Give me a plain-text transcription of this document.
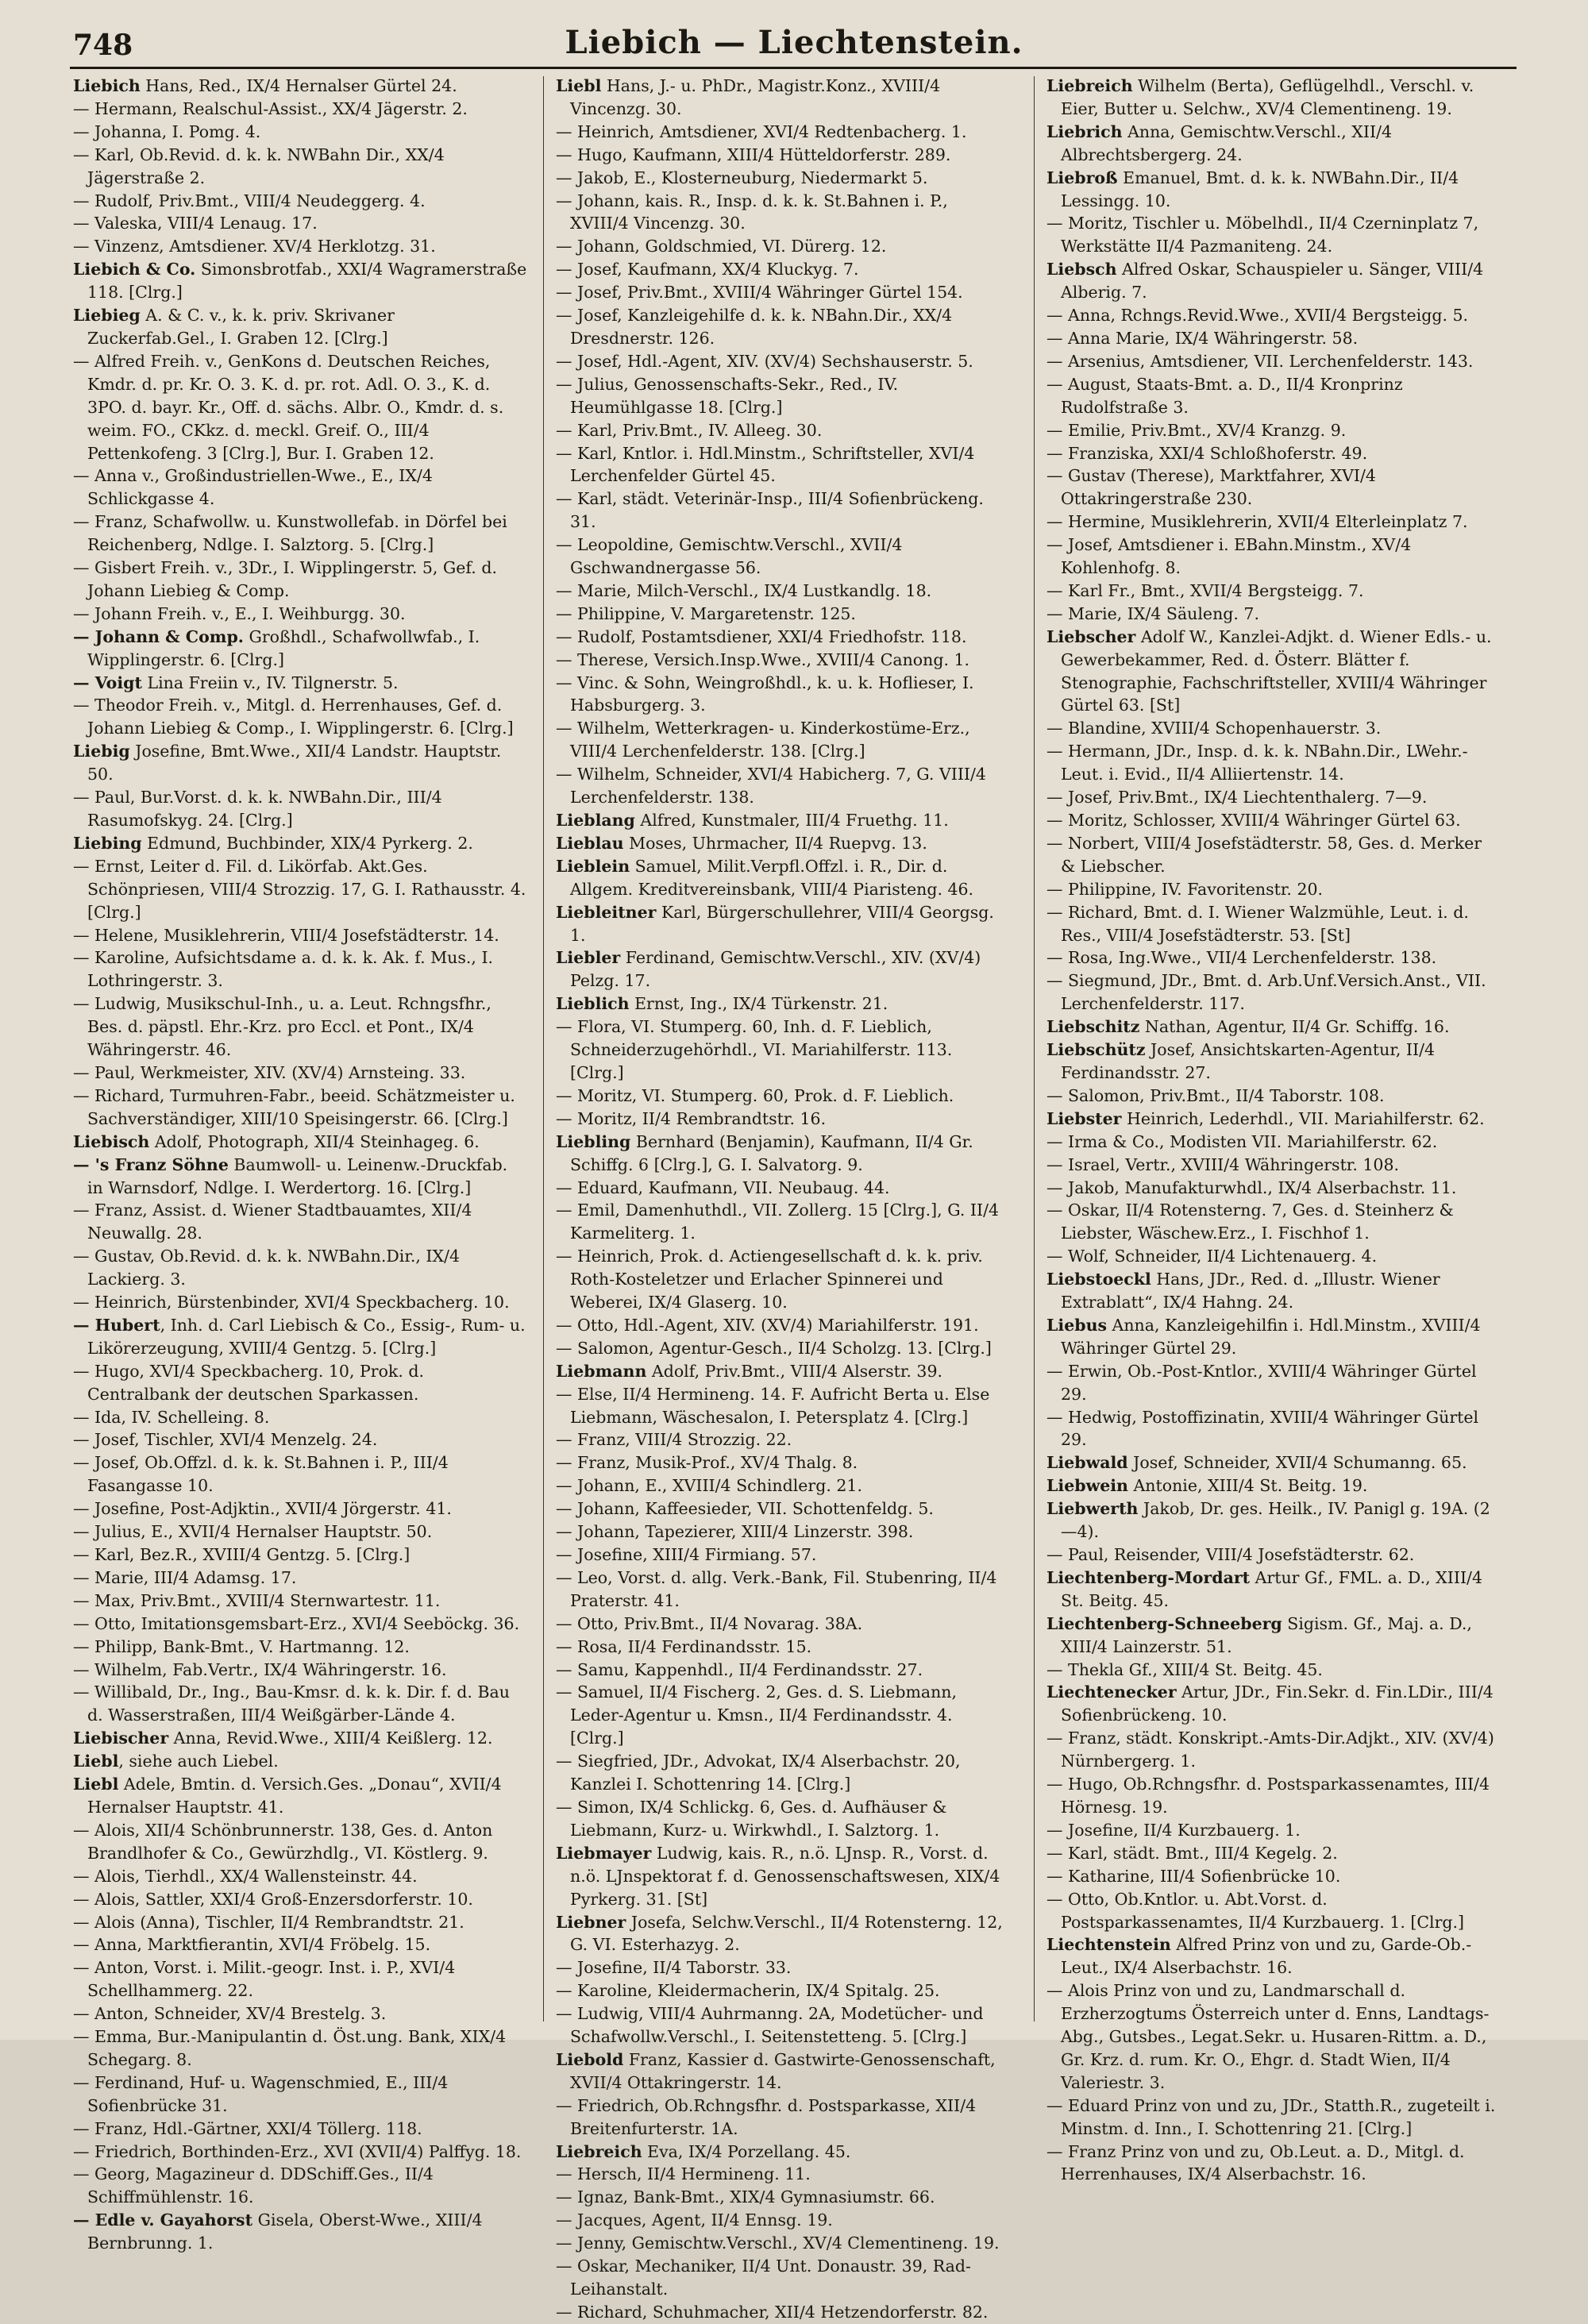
748	Liebich — Liechtenstein.
Liebich Hans, Red., IX/4 Hernalser Gürtel 24.
— Hermann, Realschul-Assist., XX/4 Jägerstr. 2.
— Johanna, I. Pomg. 4.
— Karl, Ob.Revid. d. k. k. NWBahn Dir., XX/4 Jägerstraße 2.
— Rudolf, Priv.Bmt., VIII/4 Neudeggerg. 4.
— Valeska, VIII/4 Lenaug. 17.
— Vinzenz, Amtsdiener. XV/4 Herklotzg. 31.
Liebich & Co. Simonsbrotfab., XXI/4 Wagramerstraße 118. [Clrg.]
Liebieg A. & C. v., k. k. priv. Skrivaner Zuckerfab.Gel., I. Graben 12. [Clrg.]
— Alfred Freih. v., GenKons d. Deutschen Reiches, Kmdr. d. pr. Kr. O. 3. K. d. pr. rot. Adl. O. 3., K. d. 3PO. d. bayr. Kr., Off. d. sächs. Albr. O., Kmdr. d. s. weim. FO., CKkz. d. meckl. Greif. O., III/4 Pettenkofeng. 3 [Clrg.], Bur. I. Graben 12.
— Anna v., Großindustriellen-Wwe., E., IX/4 Schlickgasse 4.
— Franz, Schafwollw. u. Kunstwollefab. in Dörfel bei Reichenberg, Ndlge. I. Salztorg. 5. [Clrg.]
— Gisbert Freih. v., 3Dr., I. Wipplingerstr. 5, Gef. d. Johann Liebieg & Comp.
— Johann Freih. v., E., I. Weihburgg. 30.
— Johann & Comp. Großhdl., Schafwollwfab., I. Wipplingerstr. 6. [Clrg.]
— Voigt Lina Freiin v., IV. Tilgnerstr. 5.
— Theodor Freih. v., Mitgl. d. Herrenhauses, Gef. d. Johann Liebieg & Comp., I. Wipplingerstr. 6. [Clrg.]
Liebig Josefine, Bmt.Wwe., XII/4 Landstr. Hauptstr. 50.
— Paul, Bur.Vorst. d. k. k. NWBahn.Dir., III/4 Rasumofskyg. 24. [Clrg.]
Liebing Edmund, Buchbinder, XIX/4 Pyrkerg. 2.
— Ernst, Leiter d. Fil. d. Likörfab. Akt.Ges. Schönpriesen, VIII/4 Strozzig. 17, G. I. Rathausstr. 4. [Clrg.]
— Helene, Musiklehrerin, VIII/4 Josefstädterstr. 14.
— Karoline, Aufsichtsdame a. d. k. k. Ak. f. Mus., I. Lothringerstr. 3.
— Ludwig, Musikschul-Inh., u. a. Leut. Rchngsfhr., Bes. d. päpstl. Ehr.-Krz. pro Eccl. et Pont., IX/4 Währingerstr. 46.
— Paul, Werkmeister, XIV. (XV/4) Arnsteing. 33.
— Richard, Turmuhren-Fabr., beeid. Schätzmeister u. Sachverständiger, XIII/10 Speisingerstr. 66. [Clrg.]
Liebisch Adolf, Photograph, XII/4 Steinhageg. 6.
— 's Franz Söhne Baumwoll- u. Leinenw.-Druckfab. in Warnsdorf, Ndlge. I. Werdertorg. 16. [Clrg.]
— Franz, Assist. d. Wiener Stadtbauamtes, XII/4 Neuwallg. 28.
— Gustav, Ob.Revid. d. k. k. NWBahn.Dir., IX/4 Lackierg. 3.
— Heinrich, Bürstenbinder, XVI/4 Speckbacherg. 10.
— Hubert, Inh. d. Carl Liebisch & Co., Essig-, Rum- u. Likörerzeugung, XVIII/4 Gentzg. 5. [Clrg.]
— Hugo, XVI/4 Speckbacherg. 10, Prok. d. Centralbank der deutschen Sparkassen.
— Ida, IV. Schelleing. 8.
— Josef, Tischler, XVI/4 Menzelg. 24.
— Josef, Ob.Offzl. d. k. k. St.Bahnen i. P., III/4 Fasangasse 10.
— Josefine, Post-Adjktin., XVII/4 Jörgerstr. 41.
— Julius, E., XVII/4 Hernalser Hauptstr. 50.
— Karl, Bez.R., XVIII/4 Gentzg. 5. [Clrg.]
— Marie, III/4 Adamsg. 17.
— Max, Priv.Bmt., XVIII/4 Sternwartestr. 11.
— Otto, Imitationsgemsbart-Erz., XVI/4 Seeböckg. 36.
— Philipp, Bank-Bmt., V. Hartmanng. 12.
— Wilhelm, Fab.Vertr., IX/4 Währingerstr. 16.
— Willibald, Dr., Ing., Bau-Kmsr. d. k. k. Dir. f. d. Bau d. Wasserstraßen, III/4 Weißgärber-Lände 4.
Liebischer Anna, Revid.Wwe., XIII/4 Keißlerg. 12.
Liebl, siehe auch Liebel.
Liebl Adele, Bmtin. d. Versich.Ges. „Donau“, XVII/4 Hernalser Hauptstr. 41.
— Alois, XII/4 Schönbrunnerstr. 138, Ges. d. Anton Brandlhofer & Co., Gewürzhdlg., VI. Köstlerg. 9.
— Alois, Tierhdl., XX/4 Wallensteinstr. 44.
— Alois, Sattler, XXI/4 Groß-Enzersdorferstr. 10.
— Alois (Anna), Tischler, II/4 Rembrandtstr. 21.
— Anna, Marktfierantin, XVI/4 Fröbelg. 15.
— Anton, Vorst. i. Milit.-geogr. Inst. i. P., XVI/4 Schellhammerg. 22.
— Anton, Schneider, XV/4 Brestelg. 3.
— Emma, Bur.-Manipulantin d. Öst.ung. Bank, XIX/4 Schegarg. 8.
— Ferdinand, Huf- u. Wagenschmied, E., III/4 Sofienbrücke 31.
— Franz, Hdl.-Gärtner, XXI/4 Töllerg. 118.
— Friedrich, Borthinden-Erz., XVI (XVII/4) Palffyg. 18.
— Georg, Magazineur d. DDSchiff.Ges., II/4 Schiffmühlenstr. 16.
— Edle v. Gayahorst Gisela, Oberst-Wwe., XIII/4 Bernbrunng. 1.
Liebl Hans, J.- u. PhDr., Magistr.Konz., XVIII/4 Vincenzg. 30.
— Heinrich, Amtsdiener, XVI/4 Redtenbacherg. 1.
— Hugo, Kaufmann, XIII/4 Hütteldorferstr. 289.
— Jakob, E., Klosterneuburg, Niedermarkt 5.
— Johann, kais. R., Insp. d. k. k. St.Bahnen i. P., XVIII/4 Vincenzg. 30.
— Johann, Goldschmied, VI. Dürerg. 12.
— Josef, Kaufmann, XX/4 Kluckyg. 7.
— Josef, Priv.Bmt., XVIII/4 Währinger Gürtel 154.
— Josef, Kanzleigehilfe d. k. k. NBahn.Dir., XX/4 Dresdnerstr. 126.
— Josef, Hdl.-Agent, XIV. (XV/4) Sechshauserstr. 5.
— Julius, Genossenschafts-Sekr., Red., IV. Heumühlgasse 18. [Clrg.]
— Karl, Priv.Bmt., IV. Alleeg. 30.
— Karl, Kntlor. i. Hdl.Minstm., Schriftsteller, XVI/4 Lerchenfelder Gürtel 45.
— Karl, städt. Veterinär-Insp., III/4 Sofienbrückeng. 31.
— Leopoldine, Gemischtw.Verschl., XVII/4 Gschwandnergasse 56.
— Marie, Milch-Verschl., IX/4 Lustkandlg. 18.
— Philippine, V. Margaretenstr. 125.
— Rudolf, Postamtsdiener, XXI/4 Friedhofstr. 118.
— Therese, Versich.Insp.Wwe., XVIII/4 Canong. 1.
— Vinc. & Sohn, Weingroßhdl., k. u. k. Hoflieser, I. Habsburgerg. 3.
— Wilhelm, Wetterkragen- u. Kinderkostüme-Erz., VIII/4 Lerchenfelderstr. 138. [Clrg.]
— Wilhelm, Schneider, XVI/4 Habicherg. 7, G. VIII/4 Lerchenfelderstr. 138.
Lieblang Alfred, Kunstmaler, III/4 Fruethg. 11.
Lieblau Moses, Uhrmacher, II/4 Ruepvg. 13.
Lieblein Samuel, Milit.Verpfl.Offzl. i. R., Dir. d. Allgem. Kreditvereinsbank, VIII/4 Piaristeng. 46.
Liebleitner Karl, Bürgerschullehrer, VIII/4 Georgsg. 1.
Liebler Ferdinand, Gemischtw.Verschl., XIV. (XV/4) Pelzg. 17.
Lieblich Ernst, Ing., IX/4 Türkenstr. 21.
— Flora, VI. Stumperg. 60, Inh. d. F. Lieblich, Schneiderzugehörhdl., VI. Mariahilferstr. 113. [Clrg.]
— Moritz, VI. Stumperg. 60, Prok. d. F. Lieblich.
— Moritz, II/4 Rembrandtstr. 16.
Liebling Bernhard (Benjamin), Kaufmann, II/4 Gr. Schiffg. 6 [Clrg.], G. I. Salvatorg. 9.
— Eduard, Kaufmann, VII. Neubaug. 44.
— Emil, Damenhuthdl., VII. Zollerg. 15 [Clrg.], G. II/4 Karmeliterg. 1.
— Heinrich, Prok. d. Actiengesellschaft d. k. k. priv. Roth-Kosteletzer und Erlacher Spinnerei und Weberei, IX/4 Glaserg. 10.
— Otto, Hdl.-Agent, XIV. (XV/4) Mariahilferstr. 191.
— Salomon, Agentur-Gesch., II/4 Scholzg. 13. [Clrg.]
Liebmann Adolf, Priv.Bmt., VIII/4 Alserstr. 39.
— Else, II/4 Hermineng. 14. F. Aufricht Berta u. Else Liebmann, Wäschesalon, I. Petersplatz 4. [Clrg.]
— Franz, VIII/4 Strozzig. 22.
— Franz, Musik-Prof., XV/4 Thalg. 8.
— Johann, E., XVIII/4 Schindlerg. 21.
— Johann, Kaffeesieder, VII. Schottenfeldg. 5.
— Johann, Tapezierer, XIII/4 Linzerstr. 398.
— Josefine, XIII/4 Firmiang. 57.
— Leo, Vorst. d. allg. Verk.-Bank, Fil. Stubenring, II/4 Praterstr. 41.
— Otto, Priv.Bmt., II/4 Novarag. 38A.
— Rosa, II/4 Ferdinandsstr. 15.
— Samu, Kappenhdl., II/4 Ferdinandsstr. 27.
— Samuel, II/4 Fischerg. 2, Ges. d. S. Liebmann, Leder-Agentur u. Kmsn., II/4 Ferdinandsstr. 4. [Clrg.]
— Siegfried, JDr., Advokat, IX/4 Alserbachstr. 20, Kanzlei I. Schottenring 14. [Clrg.]
— Simon, IX/4 Schlickg. 6, Ges. d. Aufhäuser & Liebmann, Kurz- u. Wirkwhdl., I. Salztorg. 1.
Liebmayer Ludwig, kais. R., n.ö. LJnsp. R., Vorst. d. n.ö. LJnspektorat f. d. Genossenschaftswesen, XIX/4 Pyrkerg. 31. [St]
Liebner Josefa, Selchw.Verschl., II/4 Rotensterng. 12, G. VI. Esterhazyg. 2.
— Josefine, II/4 Taborstr. 33.
— Karoline, Kleidermacherin, IX/4 Spitalg. 25.
— Ludwig, VIII/4 Auhrmanng. 2A, Modetücher- und Schafwollw.Verschl., I. Seitenstetteng. 5. [Clrg.]
Liebold Franz, Kassier d. Gastwirte-Genossenschaft, XVII/4 Ottakringerstr. 14.
— Friedrich, Ob.Rchngsfhr. d. Postsparkasse, XII/4 Breitenfurterstr. 1A.
Liebreich Eva, IX/4 Porzellang. 45.
— Hersch, II/4 Hermineng. 11.
— Ignaz, Bank-Bmt., XIX/4 Gymnasiumstr. 66.
— Jacques, Agent, II/4 Ennsg. 19.
— Jenny, Gemischtw.Verschl., XV/4 Clementineng. 19.
— Oskar, Mechaniker, II/4 Unt. Donaustr. 39, Rad-Leihanstalt.
— Richard, Schuhmacher, XII/4 Hetzendorferstr. 82.
Liebreich Wilhelm (Berta), Geflügelhdl., Verschl. v. Eier, Butter u. Selchw., XV/4 Clementineng. 19.
Liebrich Anna, Gemischtw.Verschl., XII/4 Albrechtsbergerg. 24.
Liebroß Emanuel, Bmt. d. k. k. NWBahn.Dir., II/4 Lessingg. 10.
— Moritz, Tischler u. Möbelhdl., II/4 Czerninplatz 7, Werkstätte II/4 Pazmaniteng. 24.
Liebsch Alfred Oskar, Schauspieler u. Sänger, VIII/4 Alberig. 7.
— Anna, Rchngs.Revid.Wwe., XVII/4 Bergsteigg. 5.
— Anna Marie, IX/4 Währingerstr. 58.
— Arsenius, Amtsdiener, VII. Lerchenfelderstr. 143.
— August, Staats-Bmt. a. D., II/4 Kronprinz Rudolfstraße 3.
— Emilie, Priv.Bmt., XV/4 Kranzg. 9.
— Franziska, XXI/4 Schloßhoferstr. 49.
— Gustav (Therese), Marktfahrer, XVI/4 Ottakringerstraße 230.
— Hermine, Musiklehrerin, XVII/4 Elterleinplatz 7.
— Josef, Amtsdiener i. EBahn.Minstm., XV/4 Kohlenhofg. 8.
— Karl Fr., Bmt., XVII/4 Bergsteigg. 7.
— Marie, IX/4 Säuleng. 7.
Liebscher Adolf W., Kanzlei-Adjkt. d. Wiener Edls.- u. Gewerbekammer, Red. d. Österr. Blätter f. Stenographie, Fachschriftsteller, XVIII/4 Währinger Gürtel 63. [St]
— Blandine, XVIII/4 Schopenhauerstr. 3.
— Hermann, JDr., Insp. d. k. k. NBahn.Dir., LWehr.-Leut. i. Evid., II/4 Alliiertenstr. 14.
— Josef, Priv.Bmt., IX/4 Liechtenthalerg. 7—9.
— Moritz, Schlosser, XVIII/4 Währinger Gürtel 63.
— Norbert, VIII/4 Josefstädterstr. 58, Ges. d. Merker & Liebscher.
— Philippine, IV. Favoritenstr. 20.
— Richard, Bmt. d. I. Wiener Walzmühle, Leut. i. d. Res., VIII/4 Josefstädterstr. 53. [St]
— Rosa, Ing.Wwe., VII/4 Lerchenfelderstr. 138.
— Siegmund, JDr., Bmt. d. Arb.Unf.Versich.Anst., VII. Lerchenfelderstr. 117.
Liebschitz Nathan, Agentur, II/4 Gr. Schiffg. 16.
Liebschütz Josef, Ansichtskarten-Agentur, II/4 Ferdinandsstr. 27.
— Salomon, Priv.Bmt., II/4 Taborstr. 108.
Liebster Heinrich, Lederhdl., VII. Mariahilferstr. 62.
— Irma & Co., Modisten VII. Mariahilferstr. 62.
— Israel, Vertr., XVIII/4 Währingerstr. 108.
— Jakob, Manufakturwhdl., IX/4 Alserbachstr. 11.
— Oskar, II/4 Rotensterng. 7, Ges. d. Steinherz & Liebster, Wäschew.Erz., I. Fischhof 1.
— Wolf, Schneider, II/4 Lichtenauerg. 4.
Liebstoeckl Hans, JDr., Red. d. „Illustr. Wiener Extrablatt“, IX/4 Hahng. 24.
Liebus Anna, Kanzleigehilfin i. Hdl.Minstm., XVIII/4 Währinger Gürtel 29.
— Erwin, Ob.-Post-Kntlor., XVIII/4 Währinger Gürtel 29.
— Hedwig, Postoffizinatin, XVIII/4 Währinger Gürtel 29.
Liebwald Josef, Schneider, XVII/4 Schumanng. 65.
Liebwein Antonie, XIII/4 St. Beitg. 19.
Liebwerth Jakob, Dr. ges. Heilk., IV. Panigl g. 19A. (2—4).
— Paul, Reisender, VIII/4 Josefstädterstr. 62.
Liechtenberg-Mordart Artur Gf., FML. a. D., XIII/4 St. Beitg. 45.
Liechtenberg-Schneeberg Sigism. Gf., Maj. a. D., XIII/4 Lainzerstr. 51.
— Thekla Gf., XIII/4 St. Beitg. 45.
Liechtenecker Artur, JDr., Fin.Sekr. d. Fin.LDir., III/4 Sofienbrückeng. 10.
— Franz, städt. Konskript.-Amts-Dir.Adjkt., XIV. (XV/4) Nürnbergerg. 1.
— Hugo, Ob.Rchngsfhr. d. Postsparkassenamtes, III/4 Hörnesg. 19.
— Josefine, II/4 Kurzbauerg. 1.
— Karl, städt. Bmt., III/4 Kegelg. 2.
— Katharine, III/4 Sofienbrücke 10.
— Otto, Ob.Kntlor. u. Abt.Vorst. d. Postsparkassenamtes, II/4 Kurzbauerg. 1. [Clrg.]
Liechtenstein Alfred Prinz von und zu, Garde-Ob.-Leut., IX/4 Alserbachstr. 16.
— Alois Prinz von und zu, Landmarschall d. Erzherzogtums Österreich unter d. Enns, Landtags-Abg., Gutsbes., Legat.Sekr. u. Husaren-Rittm. a. D., Gr. Krz. d. rum. Kr. O., Ehgr. d. Stadt Wien, II/4 Valeriestr. 3.
— Eduard Prinz von und zu, JDr., Statth.R., zugeteilt i. Minstm. d. Inn., I. Schottenring 21. [Clrg.]
— Franz Prinz von und zu, Ob.Leut. a. D., Mitgl. d. Herrenhauses, IX/4 Alserbachstr. 16.
